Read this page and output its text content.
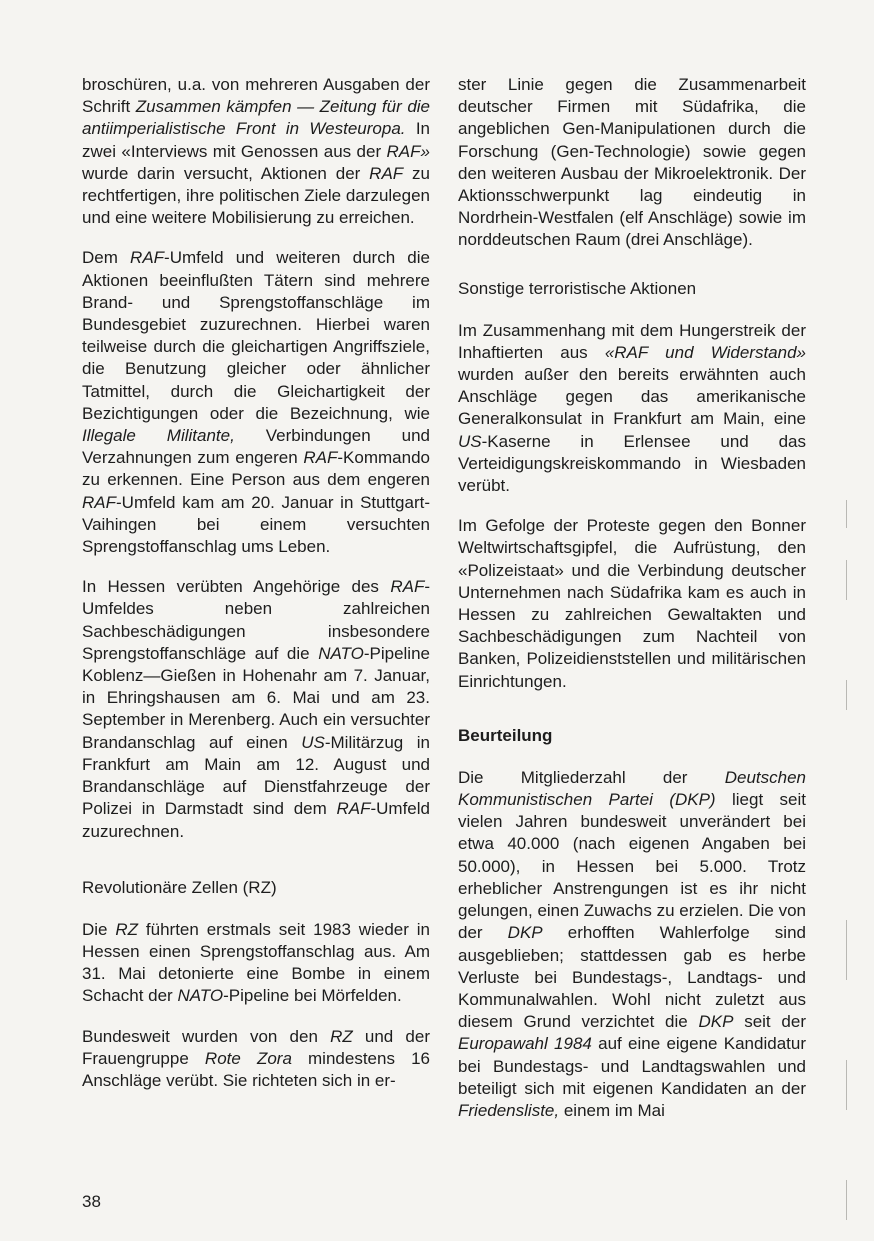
broschüren, u.a. von mehreren Ausgaben der Schrift Zusammen kämpfen — Zeitung für die antiimperialistische Front in Westeuropa. In zwei «Interviews mit Genossen aus der RAF» wurde darin versucht, Aktionen der RAF zu rechtfertigen, ihre politischen Ziele darzulegen und eine weitere Mobilisierung zu erreichen.

Dem RAF-Umfeld und weiteren durch die Aktionen beeinflußten Tätern sind mehrere Brand- und Sprengstoffanschläge im Bundesgebiet zuzurechnen. Hierbei waren teilweise durch die gleichartigen Angriffsziele, die Benutzung gleicher oder ähnlicher Tatmittel, durch die Gleichartigkeit der Bezichtigungen oder die Bezeichnung, wie Illegale Militante, Verbindungen und Verzahnungen zum engeren RAF-Kommando zu erkennen. Eine Person aus dem engeren RAF-Umfeld kam am 20. Januar in Stuttgart-Vaihingen bei einem versuchten Sprengstoffanschlag ums Leben.

In Hessen verübten Angehörige des RAF-Umfeldes neben zahlreichen Sachbeschädigungen insbesondere Sprengstoffanschläge auf die NATO-Pipeline Koblenz—Gießen in Hohenahr am 7. Januar, in Ehringshausen am 6. Mai und am 23. September in Merenberg. Auch ein versuchter Brandanschlag auf einen US-Militärzug in Frankfurt am Main am 12. August und Brandanschläge auf Dienstfahrzeuge der Polizei in Darmstadt sind dem RAF-Umfeld zuzurechnen.

Revolutionäre Zellen (RZ)

Die RZ führten erstmals seit 1983 wieder in Hessen einen Sprengstoffanschlag aus. Am 31. Mai detonierte eine Bombe in einem Schacht der NATO-Pipeline bei Mörfelden.

Bundesweit wurden von den RZ und der Frauengruppe Rote Zora mindestens 16 Anschläge verübt. Sie richteten sich in er-

ster Linie gegen die Zusammenarbeit deutscher Firmen mit Südafrika, die angeblichen Gen-Manipulationen durch die Forschung (Gen-Technologie) sowie gegen den weiteren Ausbau der Mikroelektronik. Der Aktionsschwerpunkt lag eindeutig in Nordrhein-Westfalen (elf Anschläge) sowie im norddeutschen Raum (drei Anschläge).

Sonstige terroristische Aktionen

Im Zusammenhang mit dem Hungerstreik der Inhaftierten aus «RAF und Widerstand» wurden außer den bereits erwähnten auch Anschläge gegen das amerikanische Generalkonsulat in Frankfurt am Main, eine US-Kaserne in Erlensee und das Verteidigungskreiskommando in Wiesbaden verübt.

Im Gefolge der Proteste gegen den Bonner Weltwirtschaftsgipfel, die Aufrüstung, den «Polizeistaat» und die Verbindung deutscher Unternehmen nach Südafrika kam es auch in Hessen zu zahlreichen Gewaltakten und Sachbeschädigungen zum Nachteil von Banken, Polizeidienststellen und militärischen Einrichtungen.

Beurteilung

Die Mitgliederzahl der Deutschen Kommunistischen Partei (DKP) liegt seit vielen Jahren bundesweit unverändert bei etwa 40.000 (nach eigenen Angaben bei 50.000), in Hessen bei 5.000. Trotz erheblicher Anstrengungen ist es ihr nicht gelungen, einen Zuwachs zu erzielen. Die von der DKP erhofften Wahlerfolge sind ausgeblieben; stattdessen gab es herbe Verluste bei Bundestags-, Landtags- und Kommunalwahlen. Wohl nicht zuletzt aus diesem Grund verzichtet die DKP seit der Europawahl 1984 auf eine eigene Kandidatur bei Bundestags- und Landtagswahlen und beteiligt sich mit eigenen Kandidaten an der Friedensliste, einem im Mai

38
